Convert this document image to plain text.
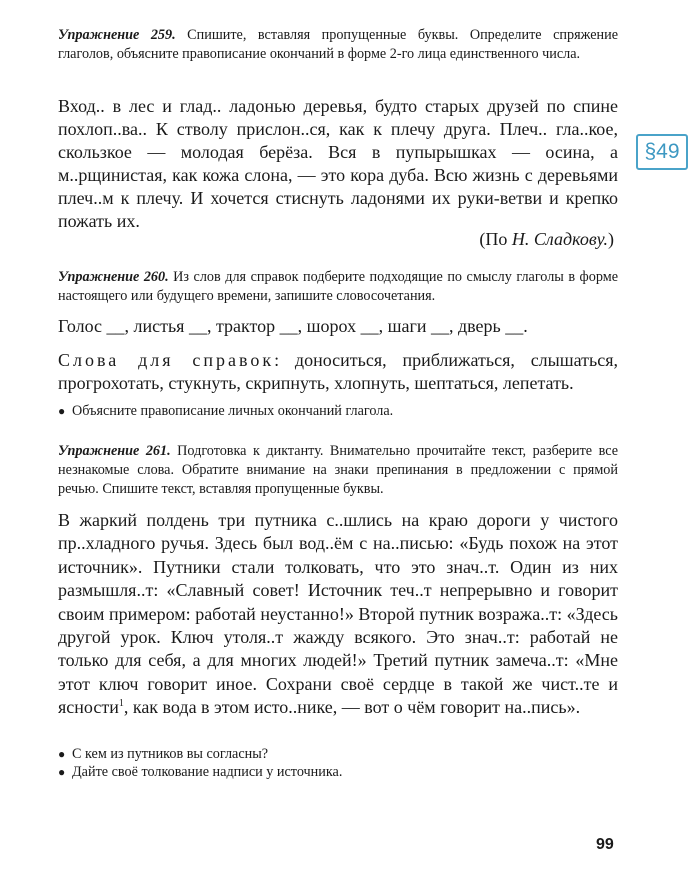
Упражнение 259. Спишите, вставляя пропущенные буквы. Определите спряжение глаголов, объясните правописание окончаний в форме 2-го лица единственного числа.
Вход.. в лес и глад.. ладонью деревья, будто старых друзей по спине похлоп..ва.. К стволу прислон..ся, как к плечу друга. Плеч.. гла..кое, скользкое — молодая берёза. Вся в пупырышках — осина, а м..рщинистая, как кожа слона, — это кора дуба. Всю жизнь с деревьями плеч..м к плечу. И хочется стиснуть ладонями их руки-ветви и крепко пожать их.
(По Н. Сладкову.)
§49
Упражнение 260. Из слов для справок подберите подходящие по смыслу глаголы в форме настоящего или будущего времени, запишите словосочетания.
Голос __, листья __, трактор __, шорох __, шаги __, дверь __.
Слова для справок: доноситься, приближаться, слышаться, прогрохотать, стукнуть, скрипнуть, хлопнуть, шептаться, лепетать.
● Объясните правописание личных окончаний глагола.
Упражнение 261. Подготовка к диктанту. Внимательно прочитайте текст, разберите все незнакомые слова. Обратите внимание на знаки препинания в предложении с прямой речью. Спишите текст, вставляя пропущенные буквы.
В жаркий полдень три путника с..шлись на краю дороги у чистого пр..хладного ручья. Здесь был вод..ём с на..писью: «Будь похож на этот источник». Путники стали толковать, что это знач..т. Один из них размышля..т: «Славный совет! Источник теч..т непрерывно и говорит своим примером: работай неустанно!» Второй путник возража..т: «Здесь другой урок. Ключ утоля..т жажду всякого. Это знач..т: работай не только для себя, а для многих людей!» Третий путник замеча..т: «Мне этот ключ говорит иное. Сохрани своё сердце в такой же чист..те и ясности$^1$, как вода в этом исто..нике, — вот о чём говорит на..пись».
● С кем из путников вы согласны?
● Дайте своё толкование надписи у источника.
99
